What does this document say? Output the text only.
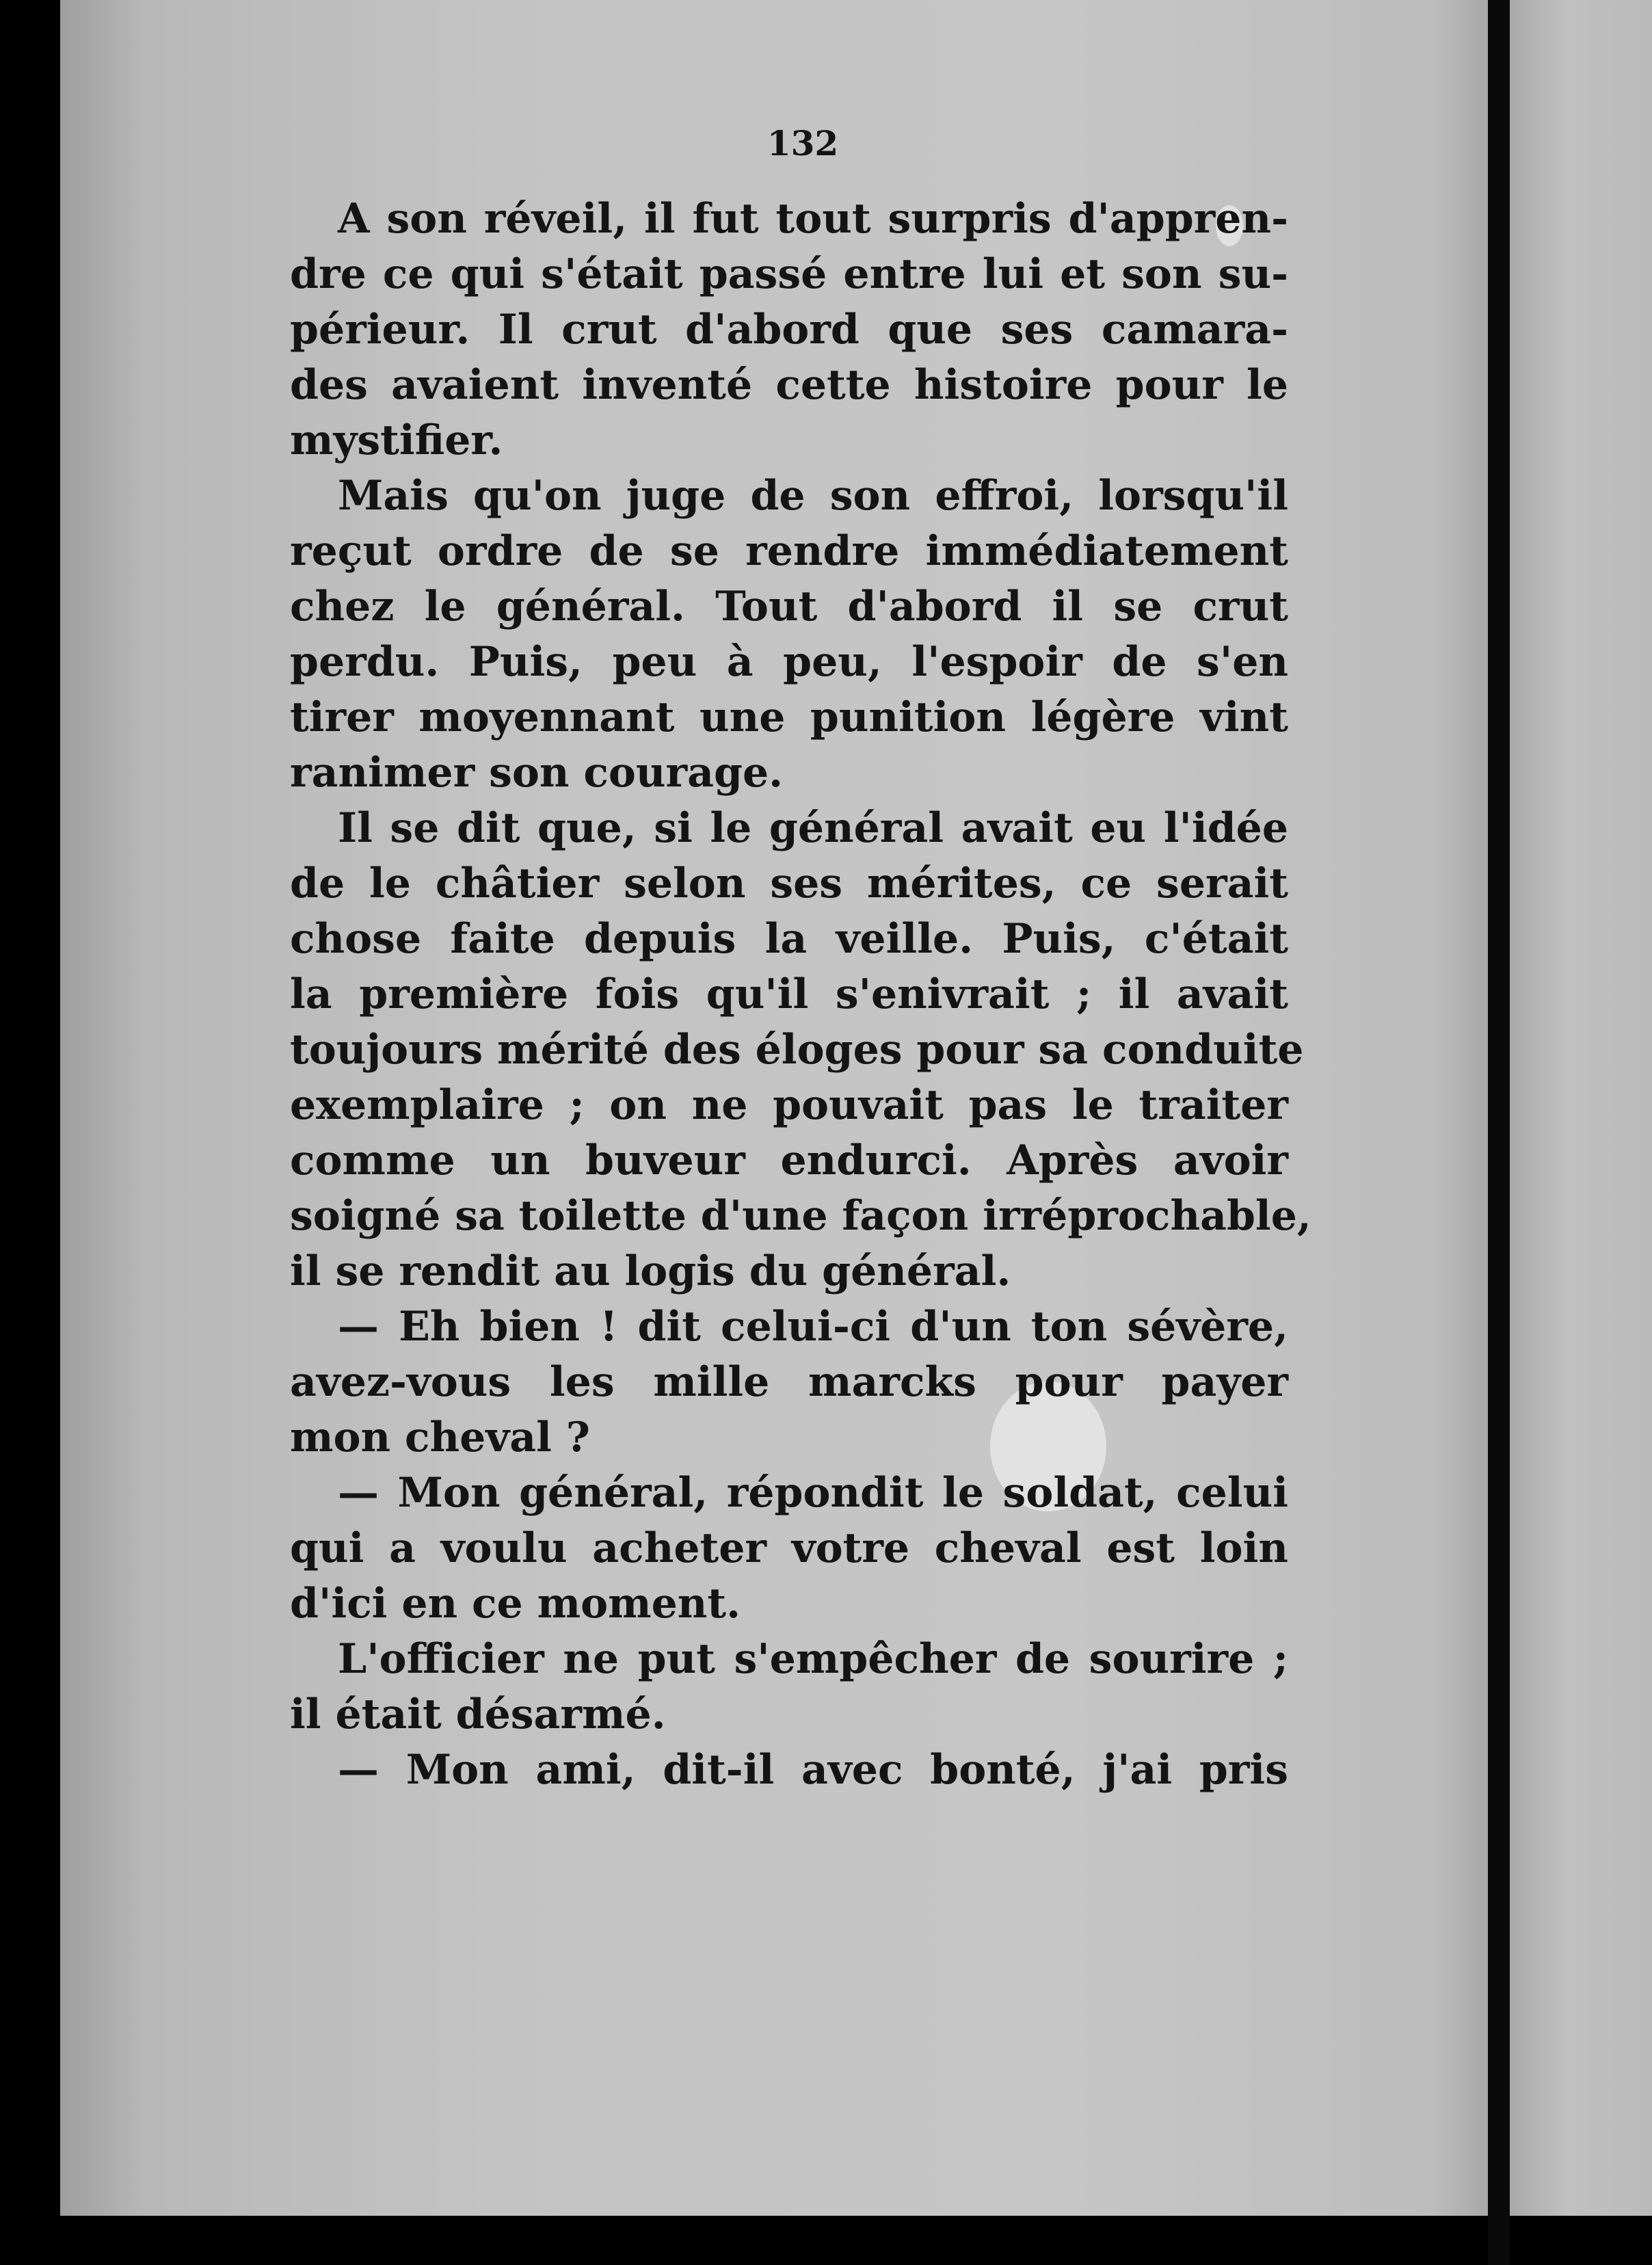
132
A son réveil, il fut tout surpris d'appren-
dre ce qui s'était passé entre lui et son su-
périeur. Il crut d'abord que ses camara-
des avaient inventé cette histoire pour le
mystifier.
Mais qu'on juge de son effroi, lorsqu'il
reçut ordre de se rendre immédiatement
chez le général. Tout d'abord il se crut
perdu. Puis, peu à peu, l'espoir de s'en
tirer moyennant une punition légère vint
ranimer son courage.
Il se dit que, si le général avait eu l'idée
de le châtier selon ses mérites, ce serait
chose faite depuis la veille. Puis, c'était
la première fois qu'il s'enivrait ; il avait
toujours mérité des éloges pour sa conduite
exemplaire ; on ne pouvait pas le traiter
comme un buveur endurci. Après avoir
soigné sa toilette d'une façon irréprochable,
il se rendit au logis du général.
— Eh bien ! dit celui-ci d'un ton sévère,
avez-vous les mille marcks pour payer
mon cheval ?
— Mon général, répondit le soldat, celui
qui a voulu acheter votre cheval est loin
d'ici en ce moment.
L'officier ne put s'empêcher de sourire ;
il était désarmé.
— Mon ami, dit-il avec bonté, j'ai pris
